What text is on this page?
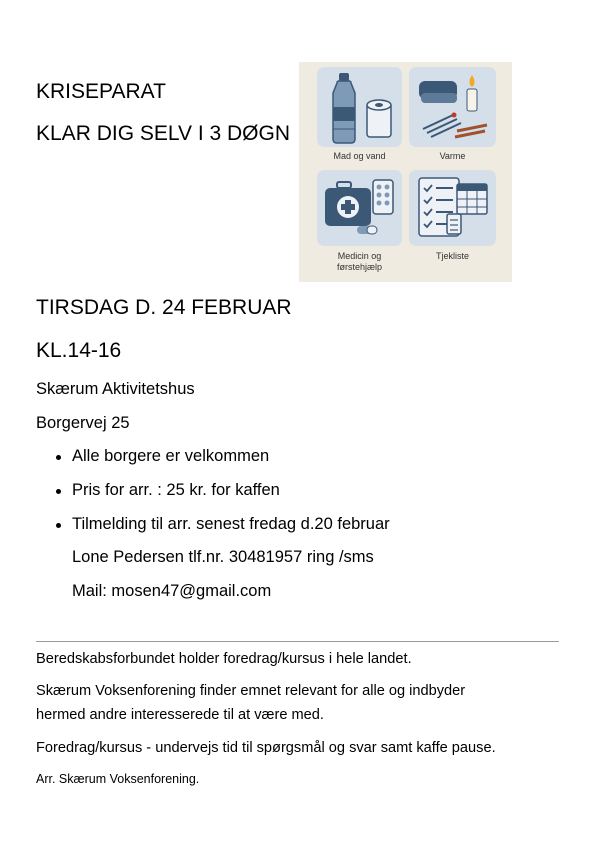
KRISEPARAT
KLAR DIG SELV I 3 DØGN
Mad og vand	Varme
Medicin og
førstehjælp
Tjekliste
TIRSDAG D. 24 FEBRUAR
KL.14-16
Skærum Aktivitetshus
Borgervej 25
Alle borgere er velkommen
Pris for arr. : 25 kr. for kaffen
Tilmelding til arr. senest fredag d.20 februar
Lone Pedersen tlf.nr. 30481957 ring /sms
Mail: mosen47@gmail.com
Beredskabsforbundet holder foredrag/kursus i hele landet.
Skærum Voksenforening finder emnet relevant for alle og indbyder
hermed andre interesserede til at være med.
Foredrag/kursus - undervejs tid til spørgsmål og svar samt kaffe pause.
Arr. Skærum Voksenforening.
